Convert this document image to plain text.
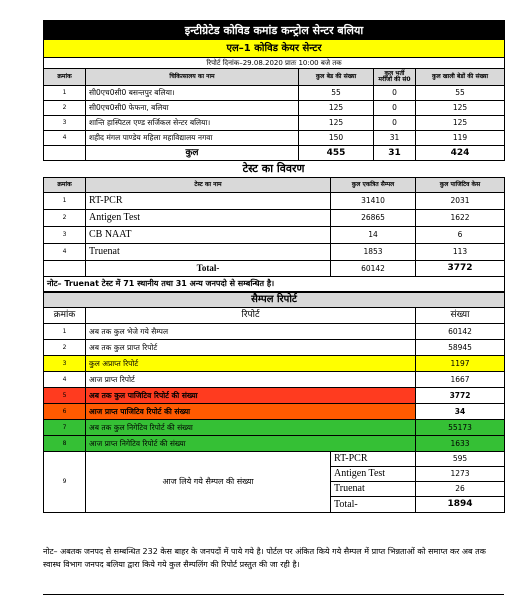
इन्टीग्रेटेड कोविड कमांड कन्ट्रोल सेन्टर बलिया				
एल–1 कोविड केयर सेन्टर				
रिपोर्ट दिनांक–29.08.2020 प्रातः 10:00 बजे तक				
क्रमांक	चिकित्सालय का नाम	कुल बेड की संख्या	कुल भर्ती मरीजों की सं0	कुल खाली बेडों की संख्या
1	सी0एच0सी0 बसन्तपुर बलिया।	55	0	55
2	सी0एच0सी0 फेफना, बलिया	125	0	125
3	शान्ति हास्पिटल एण्ड सर्जिकल सेन्टर बलिया।	125	0	125
4	शहीद मंगल पाण्डेय महिला महाविद्यालय नगवा	150	31	119
	कुल	455	31	424
टेस्ट का विवरण
क्रमांक	टेस्ट का नाम	कुल एकत्रित सैम्पल	कुल पाजिटिव केस
1	RT-PCR	31410	2031
2	Antigen Test	26865	1622
3	CB NAAT	14	6
4	Truenat	1853	113
	Total-	60142	3772
नोट– Truenat टेस्ट में 71 स्थानीय तथा 31 अन्य जनपदो से सम्बन्धित है।			
सैम्पल रिपोर्ट			
क्रमांक	रिपोर्ट		संख्या
1	अब तक कुल भेजे गये सैम्पल		60142
2	अब तक कुल प्राप्त रिपोर्ट		58945
3	कुल अप्राप्त रिपोर्ट		1197
4	आज प्राप्त रिपोर्ट		1667
5	अब तक कुल पाजिटिव रिपोर्ट की संख्या		3772
6	आज प्राप्त पाजिटिव रिपोर्ट की संख्या		34
7	अब तक कुल निगेटिव रिपोर्ट की संख्या		55173
8	आज प्राप्त निगेटिव रिपोर्ट की संख्या		1633
9	आज लिये गये सैम्पल की संख्या	RT-PCR	595
		Antigen Test	1273
		Truenat	26
		Total-	1894
नोट– अबतक जनपद से सम्बन्धित 232 केस बाहर के जनपदों में पाये गये है। पोर्टल पर अंकित किये गये सैम्पल में प्राप्त भिन्नताओं को समाप्त कर अब तक स्वास्थ विभाग जनपद बलिया द्वारा किये गये कुल सैम्पलिंग की रिपोर्ट प्रस्तुत की जा रही है।
